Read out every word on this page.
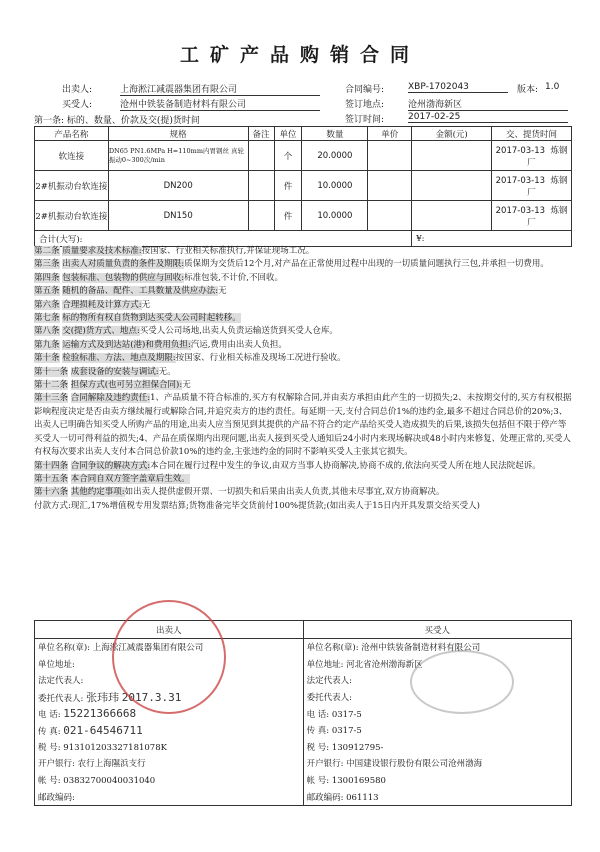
工矿产品购销合同
出卖人:	上海淞江减震器集团有限公司
买受人:	沧州中铁装备制造材料有限公司
合同编号:	XBP-1702043	版本: 1.0
签订地点:	沧州渤海新区
签订时间:	2017-02-25
第一条: 标的、数量、价款及交(提)货时间
产品名称	规格	备注	单位	数量	单价	金额(元)	交、提货时间
软连接	DN65 PN1.6MPa H=110mm内胃钢丝 真轮振动0~300次/min		个	20.0000			2017-03-13 炼钢厂
2#机振动台软连接	DN200		件	10.0000			2017-03-13 炼钢厂
2#机振动台软连接	DN150		件	10.0000			2017-03-13 炼钢厂
合计(大写):						¥:	
第二条 质量要求及技术标准:按国家、行业相关标准执行,并保证现场工况。
第三条 出卖人对质量负责的条件及期限:质保期为交货后12个月,对产品在正常使用过程中出现的一切质量问题执行三包,并承担一切费用。
第四条 包装标准、包装物的供应与回收:标准包装,不计价,不回收。
第五条 随机的备品、配件、工具数量及供应办法:无
第六条 合理损耗及计算方式:无
第七条 标的物所有权自货物到达买受人公司时起转移。
第八条 交(提)货方式、地点:买受人公司场地,出卖人负责运输送货到买受人仓库。
第九条 运输方式及到达站(港)和费用负担:汽运,费用由出卖人负担。
第十条 检验标准、方法、地点及期限:按国家、行业相关标准及现场工况进行验收。
第十一条 成套设备的安装与调试:无。
第十二条 担保方式(也可另立担保合同):无
第十三条 合同解除及违约责任:1、产品质量不符合标准的,买方有权解除合同,并由卖方承担由此产生的一切损失;2、未按期交付的,买方有权根据影响程度决定是否由卖方继续履行或解除合同,并追究卖方的违约责任。每延期一天,支付合同总价1%的违约金,最多不超过合同总价的20%;3、出卖人已明确告知买受人所购产品的用途,出卖人应当预见到其提供的产品不符合约定产品给买受人造成损失的后果,该损失包括但不限于停产等买受人一切可得利益的损失;4、产品在质保期内出现问题,出卖人接到买受人通知后24小时内来现场解决或48小时内来修复、处理正常的,买受人有权每次要求出卖人支付本合同总价款10%的违约金,主张违约金的同时不影响买受人主张其它损失。
第十四条 合同争议的解决方式:本合同在履行过程中发生的争议,由双方当事人协商解决,协商不成的,依法向买受人所在地人民法院起诉。
第十五条 本合同自双方签字盖章后生效。
第十六条 其他约定事项:如出卖人提供虚假开票、一切损失和后果由出卖人负责,其他未尽事宜,双方协商解决。
付款方式:现汇,17%增值税专用发票结算;货物准备完毕交货前付100%提货款;(如出卖人于15日内开具发票交给买受人)
出卖人	买受人
单位名称(章): 上海淞江减震器集团有限公司	单位名称(章): 沧州中铁装备制造材料有限公司
单位地址:	单位地址: 河北省沧州渤海新区
法定代表人:	法定代表人:
委托代表人: 张玮玮 2017.3.31	委托代表人:
电 话: 15221366668	电 话: 0317-5
传 真: 021-64546711	传 真: 0317-5
税 号: 913101203327181078K	税 号: 130912795-
开户银行: 农行上海隰浜支行	开户银行: 中国建设银行股份有限公司沧州渤海
帐 号: 03832700040031040	帐 号: 1300169580
邮政编码:	邮政编码: 061113
